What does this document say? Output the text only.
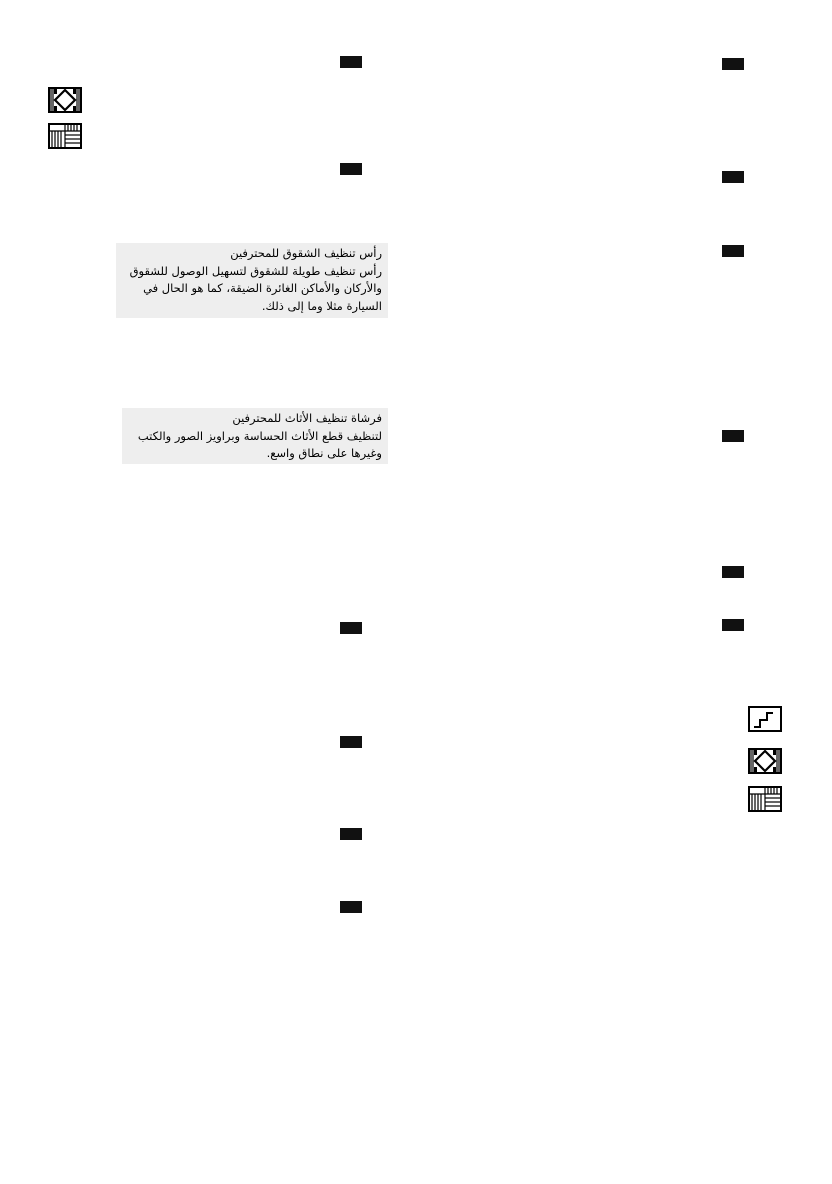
رأس تنظيف الشقوق للمحترفين
رأس تنظيف طويلة للشقوق لتسهيل الوصول للشقوق
والأركان والأماكن الغائرة الضيقة، كما هو الحال في
السيارة مثلا وما إلى ذلك.
فرشاة تنظيف الأثاث للمحترفين
لتنظيف قطع الأثاث الحساسة وبراويز الصور والكتب
وغيرها على نطاق واسع.
